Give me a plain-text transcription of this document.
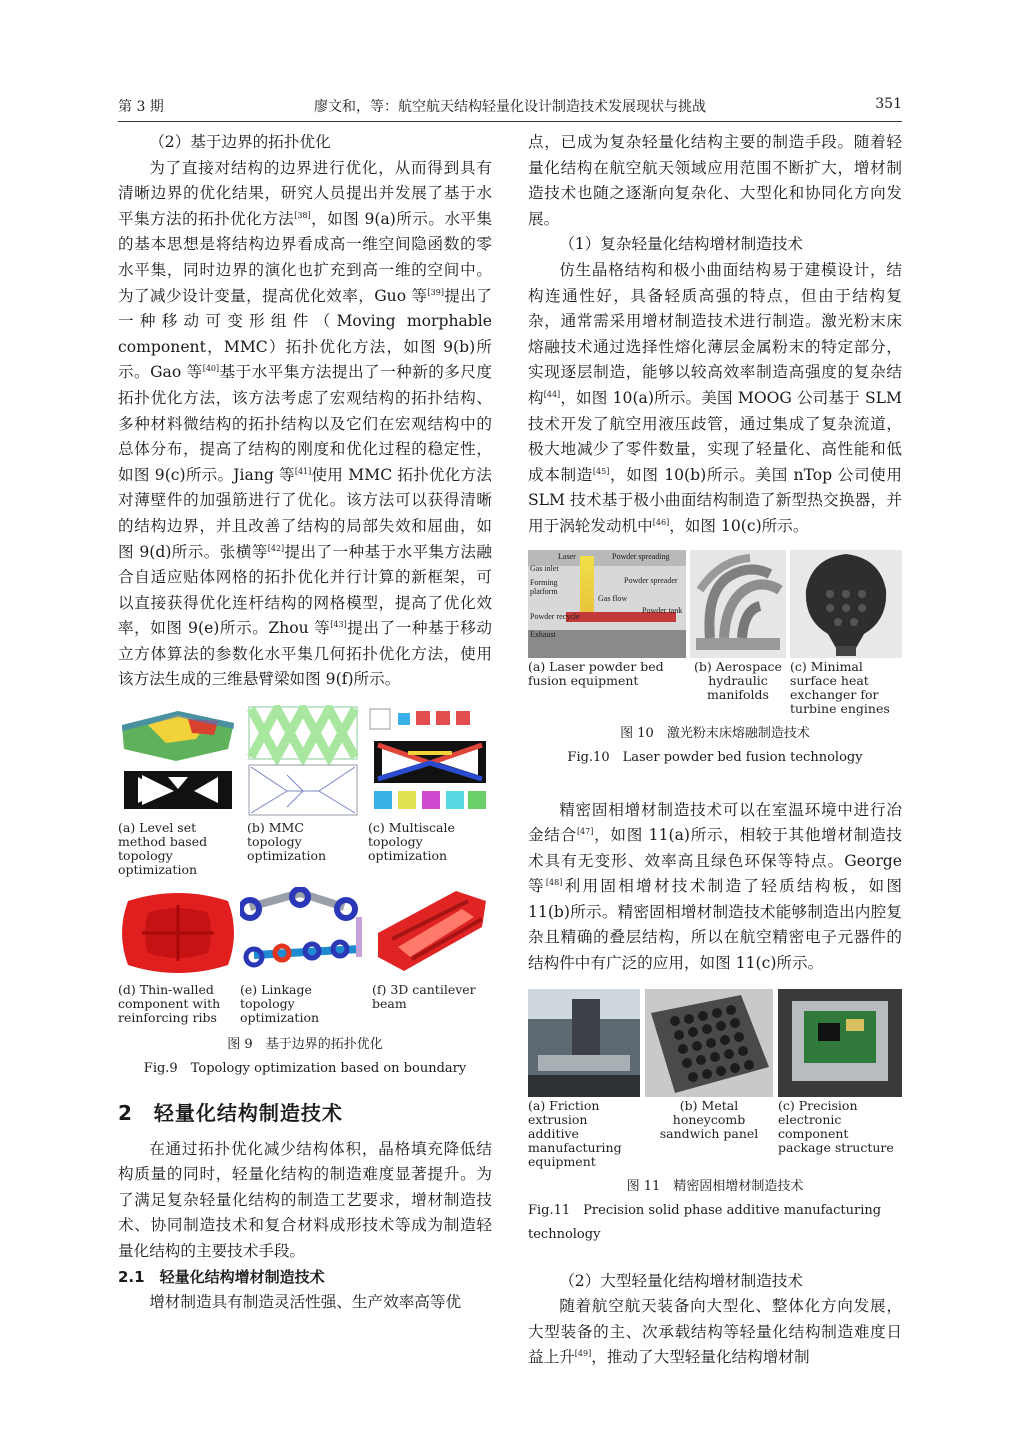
第 3 期	廖文和，等：航空航天结构轻量化设计制造技术发展现状与挑战	351

（2）基于边界的拓扑优化

为了直接对结构的边界进行优化，从而得到具有清晰边界的优化结果，研究人员提出并发展了基于水平集方法的拓扑优化方法[38]，如图 9(a)所示。水平集的基本思想是将结构边界看成高一维空间隐函数的零水平集，同时边界的演化也扩充到高一维的空间中。为了减少设计变量，提高优化效率，Guo 等[39]提出了一种移动可变形组件（Moving morphable component，MMC）拓扑优化方法，如图 9(b)所示。Gao 等[40]基于水平集方法提出了一种新的多尺度拓扑优化方法，该方法考虑了宏观结构的拓扑结构、多种材料微结构的拓扑结构以及它们在宏观结构中的总体分布，提高了结构的刚度和优化过程的稳定性，如图 9(c)所示。Jiang 等[41]使用 MMC 拓扑优化方法对薄壁件的加强筋进行了优化。该方法可以获得清晰的结构边界，并且改善了结构的局部失效和屈曲，如图 9(d)所示。张横等[42]提出了一种基于水平集方法融合自适应贴体网格的拓扑优化并行计算的新框架，可以直接获得优化连杆结构的网格模型，提高了优化效率，如图 9(e)所示。Zhou 等[43]提出了一种基于移动立方体算法的参数化水平集几何拓扑优化方法，使用该方法生成的三维悬臂梁如图 9(f)所示。

(a) Level set method based topology optimization
(b) MMC topology optimization
(c) Multiscale topology optimization
(d) Thin-walled component with reinforcing ribs
(e) Linkage topology optimization
(f) 3D cantilever beam
图 9　基于边界的拓扑优化
Fig.9　Topology optimization based on boundary
2　轻量化结构制造技术

在通过拓扑优化减少结构体积，晶格填充降低结构质量的同时，轻量化结构的制造难度显著提升。为了满足复杂轻量化结构的制造工艺要求，增材制造技术、协同制造技术和复合材料成形技术等成为制造轻量化结构的主要技术手段。

2.1　轻量化结构增材制造技术

增材制造具有制造灵活性强、生产效率高等优

点，已成为复杂轻量化结构主要的制造手段。随着轻量化结构在航空航天领域应用范围不断扩大，增材制造技术也随之逐渐向复杂化、大型化和协同化方向发展。

（1）复杂轻量化结构增材制造技术

仿生晶格结构和极小曲面结构易于建模设计，结构连通性好，具备轻质高强的特点，但由于结构复杂，通常需采用增材制造技术进行制造。激光粉末床熔融技术通过选择性熔化薄层金属粉末的特定部分，实现逐层制造，能够以较高效率制造高强度的复杂结构[44]，如图 10(a)所示。美国 MOOG 公司基于 SLM 技术开发了航空用液压歧管，通过集成了复杂流道，极大地减少了零件数量，实现了轻量化、高性能和低成本制造[45]，如图 10(b)所示。美国 nTop 公司使用 SLM 技术基于极小曲面结构制造了新型热交换器，并用于涡轮发动机中[46]，如图 10(c)所示。

Laser	Powder spreading
Gas inlet
Forming platform
Powder spreader
Gas flow
Powder tank
Powder recycle
Exhaust
(a) Laser powder bed fusion equipment
(b) Aerospace hydraulic manifolds
(c) Minimal surface heat exchanger for turbine engines
图 10　激光粉末床熔融制造技术
Fig.10　Laser powder bed fusion technology

精密固相增材制造技术可以在室温环境中进行冶金结合[47]，如图 11(a)所示，相较于其他增材制造技术具有无变形、效率高且绿色环保等特点。George 等[48]利用固相增材技术制造了轻质结构板，如图 11(b)所示。精密固相增材制造技术能够制造出内腔复杂且精确的叠层结构，所以在航空精密电子元器件的结构件中有广泛的应用，如图 11(c)所示。

(a) Friction extrusion additive manufacturing equipment
(b) Metal honeycomb sandwich panel
(c) Precision electronic component package structure
图 11　精密固相增材制造技术
Fig.11　Precision solid phase additive manufacturing technology

（2）大型轻量化结构增材制造技术

随着航空航天装备向大型化、整体化方向发展，大型装备的主、次承载结构等轻量化结构制造难度日益上升[49]，推动了大型轻量化结构增材制
